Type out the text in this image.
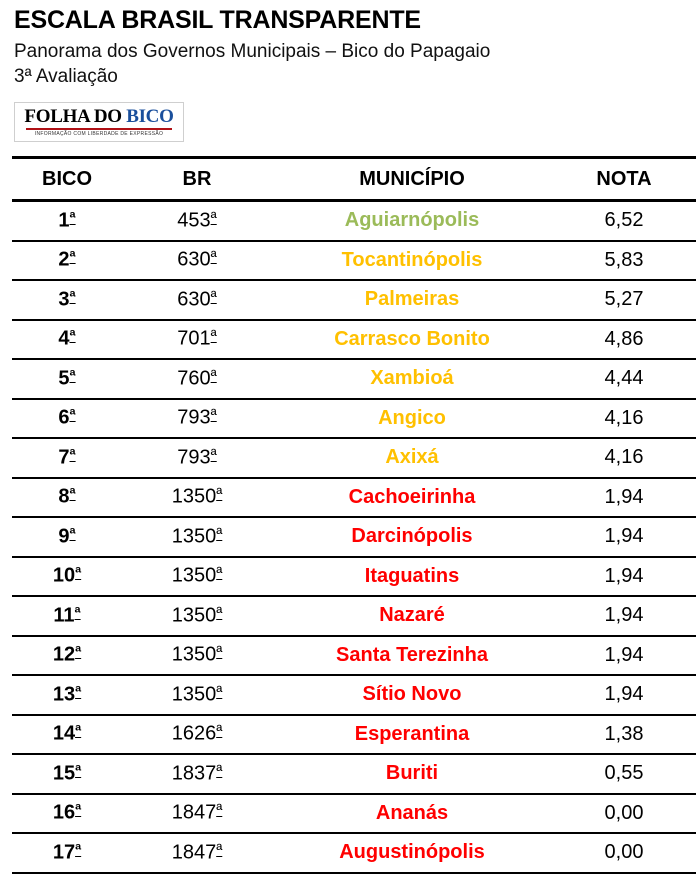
ESCALA BRASIL TRANSPARENTE
Panorama dos Governos Municipais – Bico do Papagaio
3ª Avaliação
FOLHA DO BICO
INFORMAÇÃO COM LIBERDADE DE EXPRESSÃO
BICO	BR	MUNICÍPIO	NOTA
1ª	453ª	Aguiarnópolis	6,52
2ª	630ª	Tocantinópolis	5,83
3ª	630ª	Palmeiras	5,27
4ª	701ª	Carrasco Bonito	4,86
5ª	760ª	Xambioá	4,44
6ª	793ª	Angico	4,16
7ª	793ª	Axixá	4,16
8ª	1350ª	Cachoeirinha	1,94
9ª	1350ª	Darcinópolis	1,94
10ª	1350ª	Itaguatins	1,94
11ª	1350ª	Nazaré	1,94
12ª	1350ª	Santa Terezinha	1,94
13ª	1350ª	Sítio Novo	1,94
14ª	1626ª	Esperantina	1,38
15ª	1837ª	Buriti	0,55
16ª	1847ª	Ananás	0,00
17ª	1847ª	Augustinópolis	0,00
